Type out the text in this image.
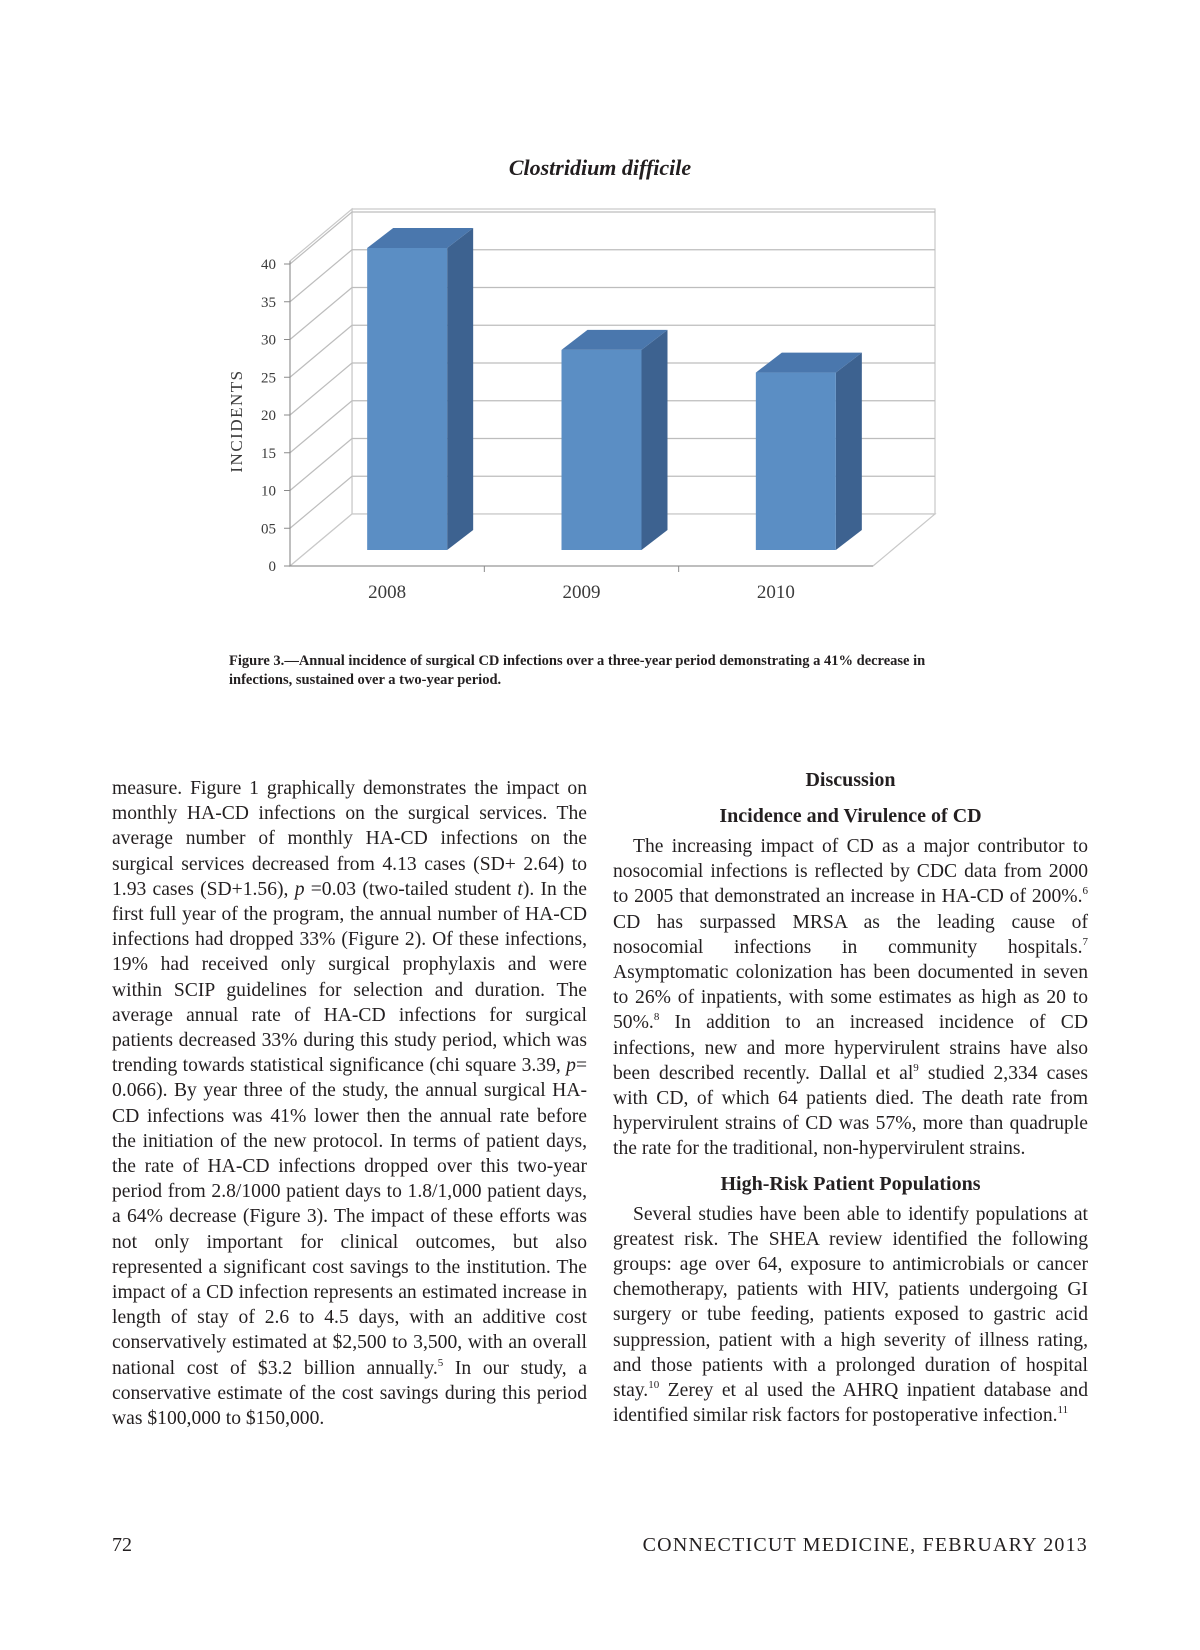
Clostridium difficile
0
05
10
15
20
25
30
35
40
INCIDENTS
2008	2009	2010
Figure 3.—Annual incidence of surgical CD infections over a three-year period demonstrating a 41% decrease in infections, sustained over a two-year period.

measure. Figure 1 graphically demonstrates the impact on monthly HA-CD infections on the surgical services. The average number of monthly HA-CD infections on the surgical services decreased from 4.13 cases (SD+ 2.64) to 1.93 cases (SD+1.56), p =0.03 (two-tailed student t). In the first full year of the program, the annual number of HA-CD infections had dropped 33% (Figure 2). Of these infections, 19% had received only surgical prophylaxis and were within SCIP guidelines for selection and duration. The average annual rate of HA-CD infections for surgical patients decreased 33% during this study period, which was trending towards statistical significance (chi square 3.39, p= 0.066). By year three of the study, the annual surgical HA-CD infections was 41% lower then the annual rate before the initiation of the new protocol. In terms of patient days, the rate of HA-CD infections dropped over this two-year period from 2.8/1000 patient days to 1.8/1,000 patient days, a 64% decrease (Figure 3). The impact of these efforts was not only important for clinical outcomes, but also represented a significant cost savings to the institution. The impact of a CD infection represents an estimated increase in length of stay of 2.6 to 4.5 days, with an additive cost conservatively estimated at $2,500 to 3,500, with an overall national cost of $3.2 billion annually.$^5$ In our study, a conservative estimate of the cost savings during this period was $100,000 to $150,000.

Discussion
Incidence and Virulence of CD

The increasing impact of CD as a major contributor to nosocomial infections is reflected by CDC data from 2000 to 2005 that demonstrated an increase in HA-CD of 200%.$^6$ CD has surpassed MRSA as the leading cause of nosocomial infections in community hospitals.$^7$ Asymptomatic colonization has been documented in seven to 26% of inpatients, with some estimates as high as 20 to 50%.$^8$ In addition to an increased incidence of CD infections, new and more hypervirulent strains have also been described recently. Dallal et $al^9$ studied 2,334 cases with CD, of which 64 patients died. The death rate from hypervirulent strains of CD was 57%, more than quadruple the rate for the traditional, non-hypervirulent strains.

High-Risk Patient Populations

Several studies have been able to identify populations at greatest risk. The SHEA review identified the following groups: age over 64, exposure to antimicrobials or cancer chemotherapy, patients with HIV, patients undergoing GI surgery or tube feeding, patients exposed to gastric acid suppression, patient with a high severity of illness rating, and those patients with a prolonged duration of hospital stay.$^{10}$ Zerey et al used the AHRQ inpatient database and identified similar risk factors for postoperative infection.$^{11}$

72	CONNECTICUT MEDICINE, FEBRUARY 2013
